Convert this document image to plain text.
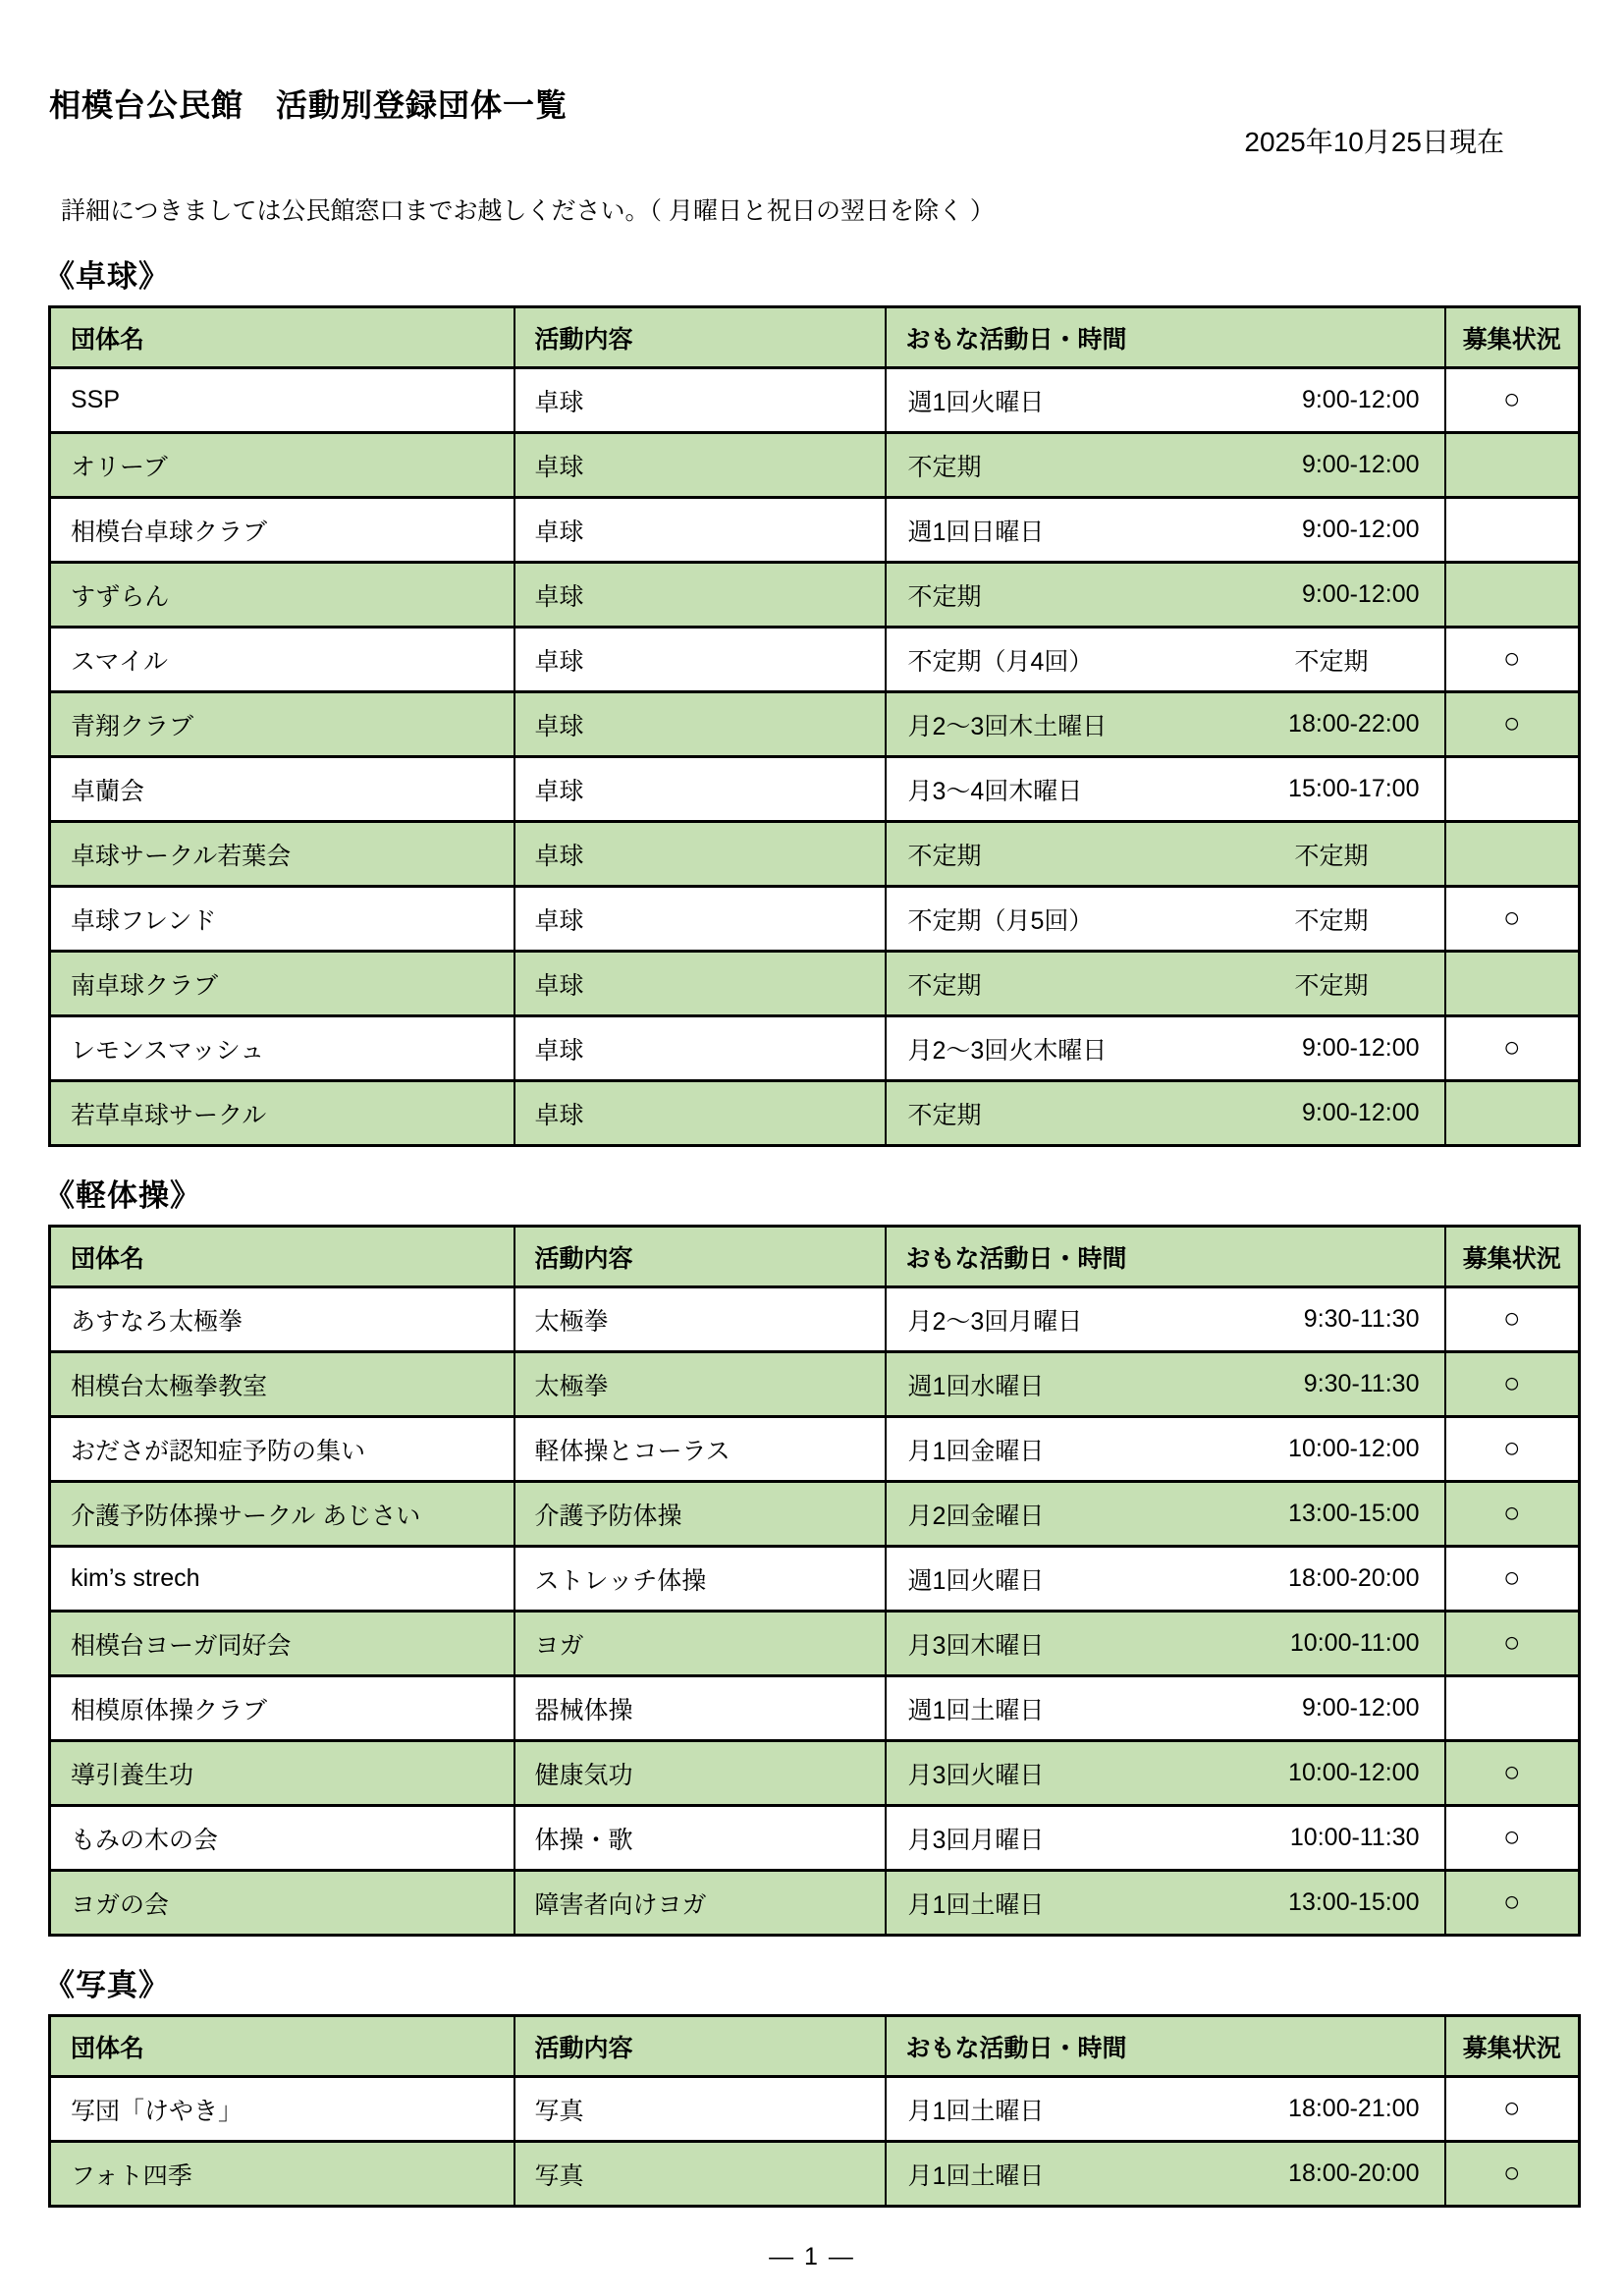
相模台公民館　活動別登録団体一覧
2025年10月25日現在
詳細につきましては公民館窓口までお越しください。（ 月曜日と祝日の翌日を除く ）
《卓球》
団体名	活動内容	おもな活動日・時間	募集状況
SSP	卓球	週1回火曜日 9:00-12:00	○
オリーブ	卓球	不定期 9:00-12:00	

相模台卓球クラブ	卓球	週1回日曜日 9:00-12:00	

すずらん	卓球	不定期 9:00-12:00	

スマイル	卓球	不定期（月4回） 不定期	○
青翔クラブ	卓球	月2～3回木土曜日 18:00-22:00	○
卓蘭会	卓球	月3～4回木曜日 15:00-17:00	

卓球サークル若葉会	卓球	不定期 不定期	

卓球フレンド	卓球	不定期（月5回） 不定期	○
南卓球クラブ	卓球	不定期 不定期	

レモンスマッシュ	卓球	月2～3回火木曜日 9:00-12:00	○
若草卓球サークル	卓球	不定期 9:00-12:00	

《軽体操》
団体名	活動内容	おもな活動日・時間	募集状況
あすなろ太極拳	太極拳	月2～3回月曜日 9:30-11:30	○
相模台太極拳教室	太極拳	週1回水曜日 9:30-11:30	○
おださが認知症予防の集い	軽体操とコーラス	月1回金曜日 10:00-12:00	○
介護予防体操サークル あじさい	介護予防体操	月2回金曜日 13:00-15:00	○
kim’s strech	ストレッチ体操	週1回火曜日 18:00-20:00	○
相模台ヨーガ同好会	ヨガ	月3回木曜日 10:00-11:00	○
相模原体操クラブ	器械体操	週1回土曜日 9:00-12:00	

導引養生功	健康気功	月3回火曜日 10:00-12:00	○
もみの木の会	体操・歌	月3回月曜日 10:00-11:30	○
ヨガの会	障害者向けヨガ	月1回土曜日 13:00-15:00	○
《写真》
団体名	活動内容	おもな活動日・時間	募集状況
写団「けやき」	写真	月1回土曜日 18:00-21:00	○
フォト四季	写真	月1回土曜日 18:00-20:00	○
― 1 ―
